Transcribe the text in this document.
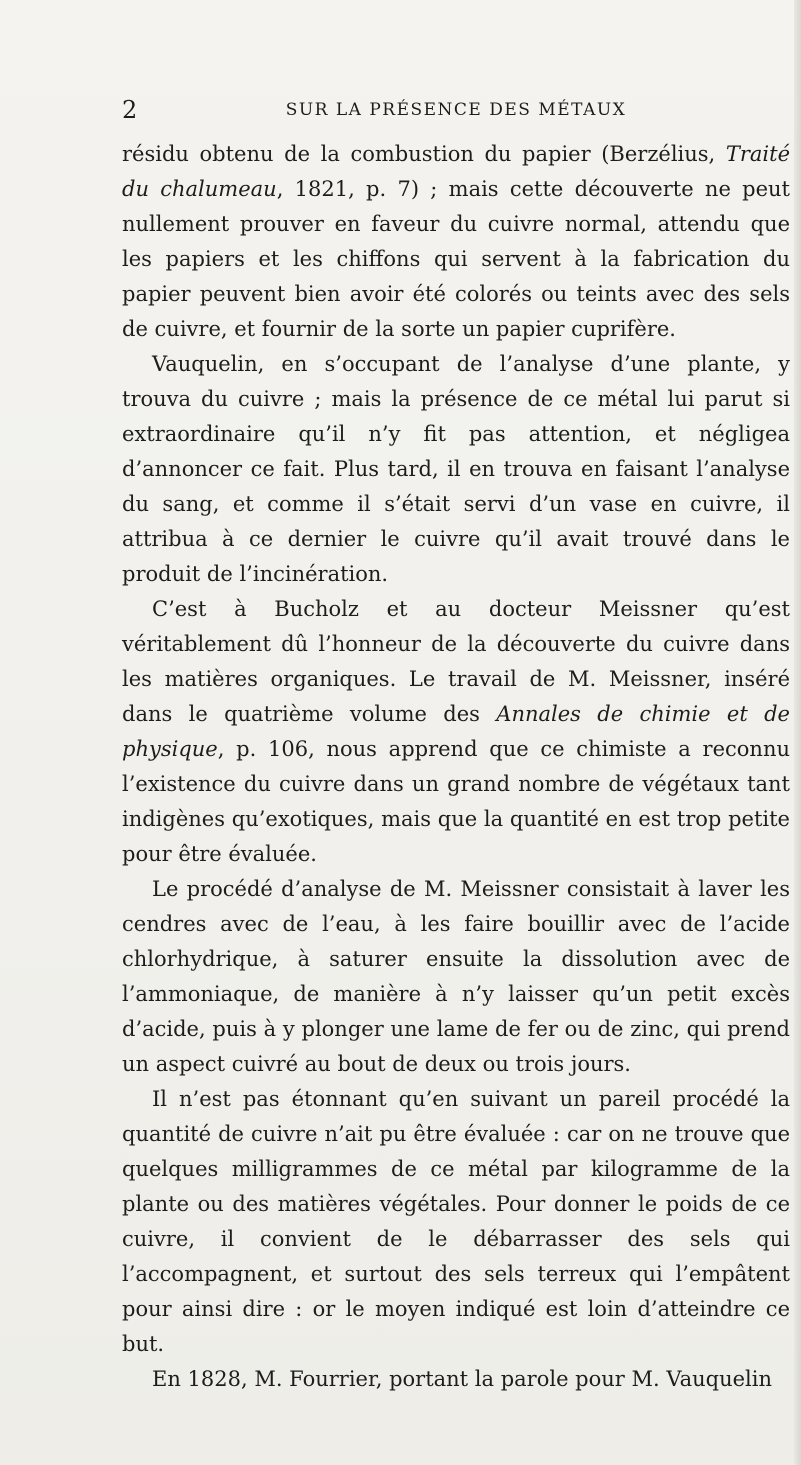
2	SUR LA PRÉSENCE DES MÉTAUX

résidu obtenu de la combustion du papier (Berzélius, Traité du chalumeau, 1821, p. 7) ; mais cette découverte ne peut nullement prouver en faveur du cuivre normal, attendu que les papiers et les chiffons qui servent à la fabrication du papier peuvent bien avoir été colorés ou teints avec des sels de cuivre, et fournir de la sorte un papier cuprifère.

Vauquelin, en s’occupant de l’analyse d’une plante, y trouva du cuivre ; mais la présence de ce métal lui parut si extraordinaire qu’il n’y fit pas attention, et négligea d’annoncer ce fait. Plus tard, il en trouva en faisant l’analyse du sang, et comme il s’était servi d’un vase en cuivre, il attribua à ce dernier le cuivre qu’il avait trouvé dans le produit de l’incinération.

C’est à Bucholz et au docteur Meissner qu’est véritablement dû l’honneur de la découverte du cuivre dans les matières organiques. Le travail de M. Meissner, inséré dans le quatrième volume des Annales de chimie et de physique, p. 106, nous apprend que ce chimiste a reconnu l’existence du cuivre dans un grand nombre de végétaux tant indigènes qu’exotiques, mais que la quantité en est trop petite pour être évaluée.

Le procédé d’analyse de M. Meissner consistait à laver les cendres avec de l’eau, à les faire bouillir avec de l’acide chlorhydrique, à saturer ensuite la dissolution avec de l’ammoniaque, de manière à n’y laisser qu’un petit excès d’acide, puis à y plonger une lame de fer ou de zinc, qui prend un aspect cuivré au bout de deux ou trois jours.

Il n’est pas étonnant qu’en suivant un pareil procédé la quantité de cuivre n’ait pu être évaluée : car on ne trouve que quelques milligrammes de ce métal par kilogramme de la plante ou des matières végétales. Pour donner le poids de ce cuivre, il convient de le débarrasser des sels qui l’accompagnent, et surtout des sels terreux qui l’empâtent pour ainsi dire : or le moyen indiqué est loin d’atteindre ce but.

En 1828, M. Fourrier, portant la parole pour M. Vauquelin
